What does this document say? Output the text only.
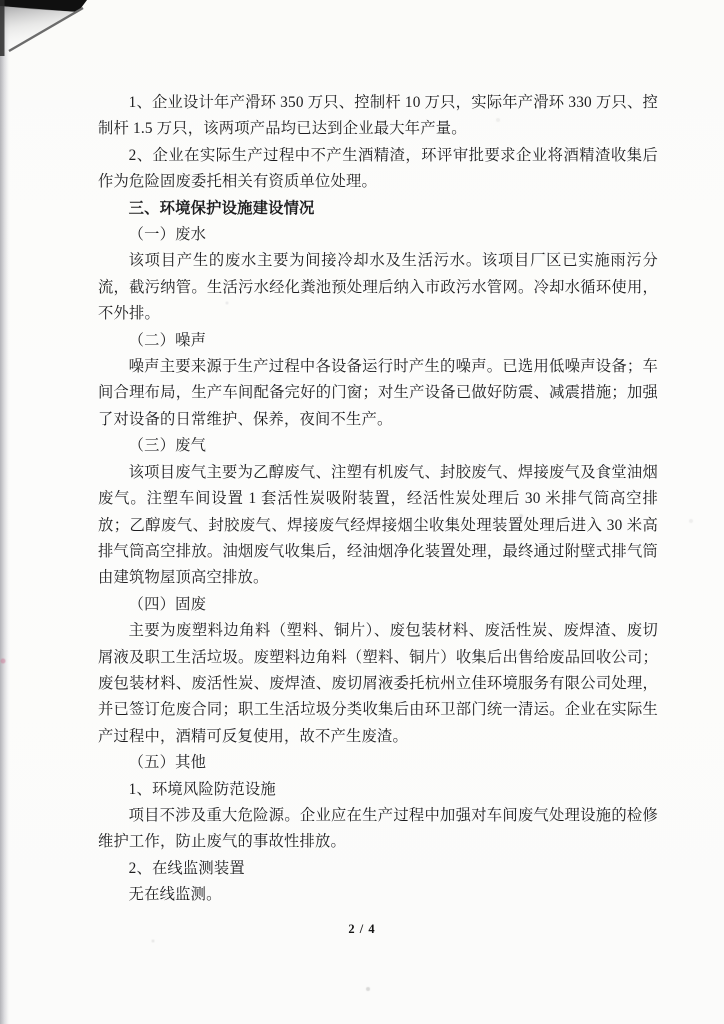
1、企业设计年产滑环 350 万只、控制杆 10 万只，实际年产滑环 330 万只、控制杆 1.5 万只，该两项产品均已达到企业最大年产量。

2、企业在实际生产过程中不产生酒精渣，环评审批要求企业将酒精渣收集后作为危险固废委托相关有资质单位处理。

三、环境保护设施建设情况
（一）废水

该项目产生的废水主要为间接冷却水及生活污水。该项目厂区已实施雨污分流，截污纳管。生活污水经化粪池预处理后纳入市政污水管网。冷却水循环使用，不外排。

（二）噪声

噪声主要来源于生产过程中各设备运行时产生的噪声。已选用低噪声设备；车间合理布局，生产车间配备完好的门窗；对生产设备已做好防震、减震措施；加强了对设备的日常维护、保养，夜间不生产。

（三）废气

该项目废气主要为乙醇废气、注塑有机废气、封胶废气、焊接废气及食堂油烟废气。注塑车间设置 1 套活性炭吸附装置，经活性炭处理后 30 米排气筒高空排放；乙醇废气、封胶废气、焊接废气经焊接烟尘收集处理装置处理后进入 30 米高排气筒高空排放。油烟废气收集后，经油烟净化装置处理，最终通过附壁式排气筒由建筑物屋顶高空排放。

（四）固废

主要为废塑料边角料（塑料、铜片）、废包装材料、废活性炭、废焊渣、废切屑液及职工生活垃圾。废塑料边角料（塑料、铜片）收集后出售给废品回收公司；废包装材料、废活性炭、废焊渣、废切屑液委托杭州立佳环境服务有限公司处理，并已签订危废合同；职工生活垃圾分类收集后由环卫部门统一清运。企业在实际生产过程中，酒精可反复使用，故不产生废渣。

（五）其他
1、环境风险防范设施

项目不涉及重大危险源。企业应在生产过程中加强对车间废气处理设施的检修维护工作，防止废气的事故性排放。

2、在线监测装置

无在线监测。

2 / 4
